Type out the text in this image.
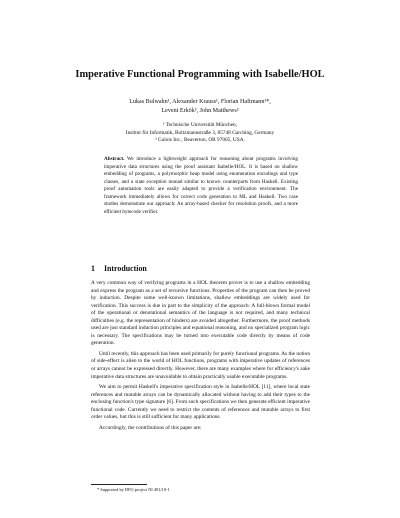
Imperative Functional Programming with Isabelle/HOL
Lukas Bulwahn¹, Alexander Krauss¹, Florian Haftmann¹*,
Levent Erkök², John Matthews²
¹ Technische Universität München,
Institut für Informatik, Boltzmannstraße 3, 85748 Garching, Germany
² Galois Inc., Beaverton, OR 97005, USA.
Abstract. We introduce a lightweight approach for reasoning about programs involving imperative data structures using the proof assistant Isabelle/HOL. It is based on shallow embedding of programs, a polymorphic heap model using enumeration encodings and type classes, and a state exception monad similar to known counterparts from Haskell. Existing proof automation tools are easily adapted to provide a verification environment. The framework immediately allows for correct code generation to ML and Haskell. Two case studies demonstrate our approach: An array-based checker for resolution proofs, and a more efficient bytecode verifier.
1 Introduction

A very common way of verifying programs in a HOL theorem prover is to use a shallow embedding and express the program as a set of recursive functions. Properties of the program can then be proved by induction. Despite some well-known limitations, shallow embeddings are widely used for verification. This success is due in part to the simplicity of the approach: A full-blown formal model of the operational or denotational semantics of the language is not required, and many technical difficulties (e.g. the representation of binders) are avoided altogether. Furthermore, the proof methods used are just standard induction principles and equational reasoning, and no specialized program logic is necessary. The specifications may be turned into executable code directly by means of code generation.

Until recently, this approach has been used primarily for purely functional programs. As the notion of side-effect is alien to the world of HOL functions, programs with imperative updates of references or arrays cannot be expressed directly. However, there are many examples where for efficiency's sake imperative data structures are unavoidable to obtain practically usable executable programs.

We aim to permit Haskell's imperative specification style in Isabelle/HOL [11], where local state references and mutable arrays can be dynamically allocated without having to add their types to the enclosing function's type signature [6]. From such specifications we then generate efficient imperative functional code. Currently we need to restrict the contents of references and mutable arrays to first order values, but this is still sufficient for many applications.

Accordingly, the contributions of this paper are:

* Supported by DFG project NI 491/10-1
